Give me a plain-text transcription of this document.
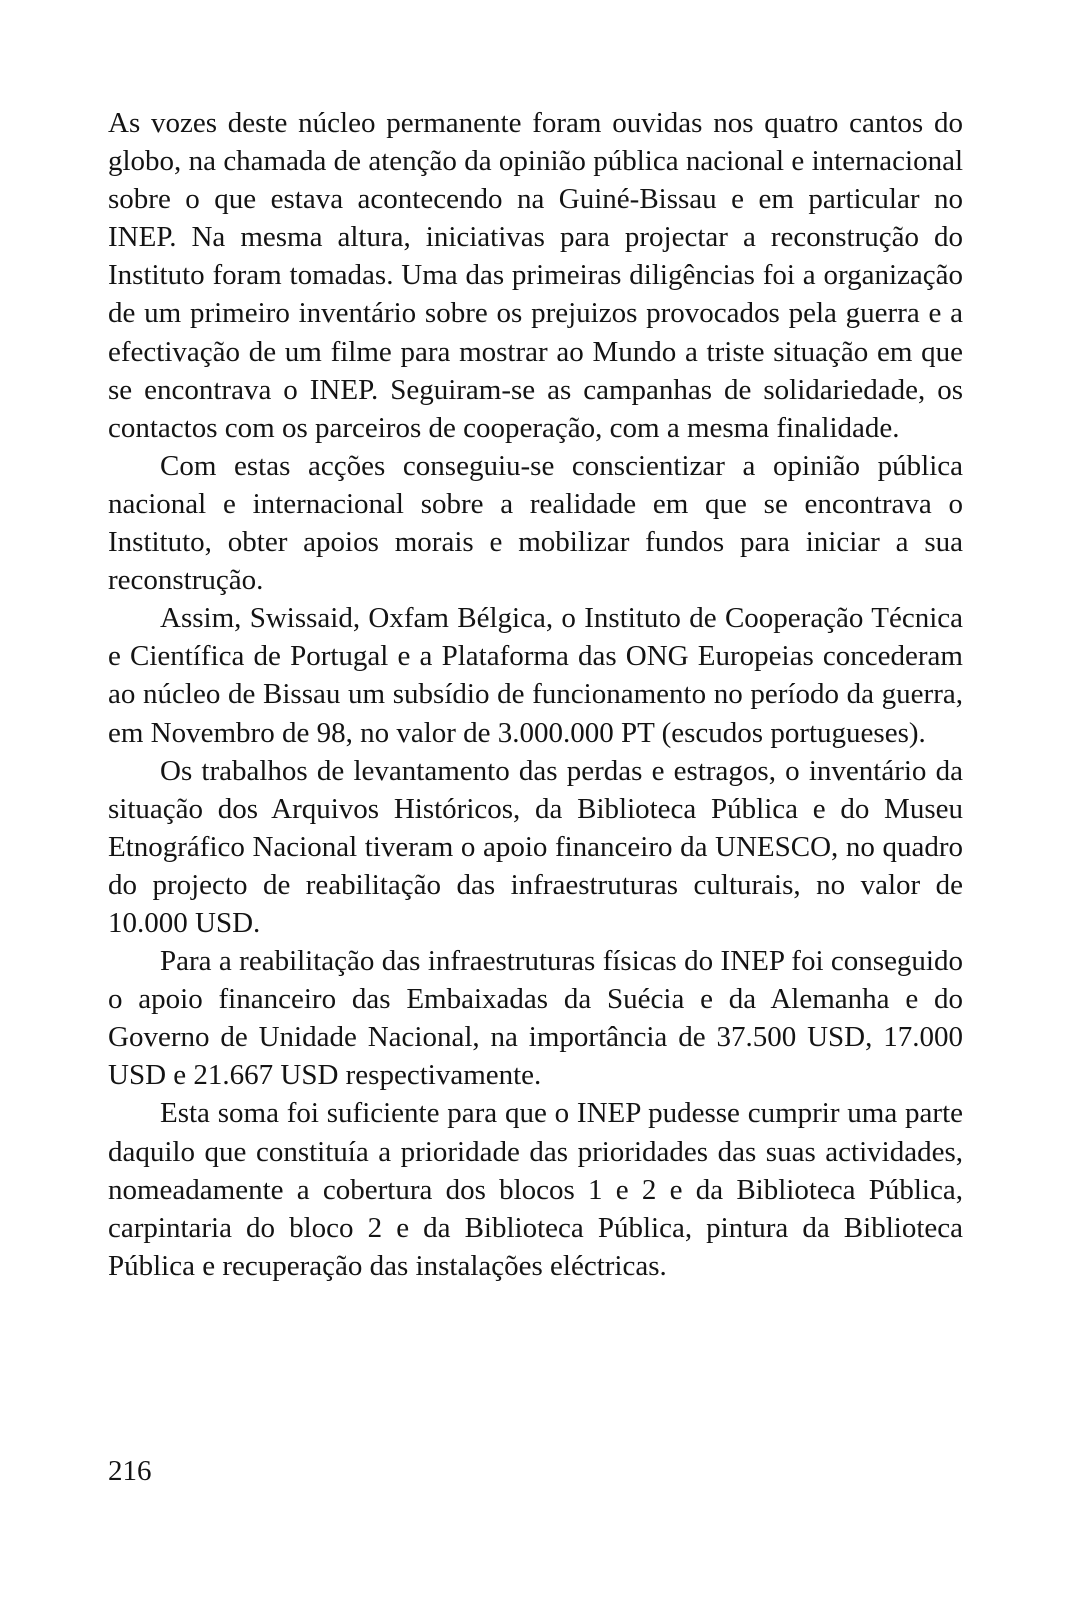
As vozes deste núcleo permanente foram ouvidas nos quatro cantos do globo, na chamada de atenção da opinião pública nacional e internacional sobre o que estava acontecendo na Guiné-Bissau e em particular no INEP. Na mesma altura, iniciativas para projectar a reconstrução do Instituto foram tomadas. Uma das primeiras diligências foi a organização de um primeiro inventário sobre os prejuizos provocados pela guerra e a efectivação de um filme para mostrar ao Mundo a triste situação em que se encontrava o INEP. Seguiram-se as campanhas de solidariedade, os contactos com os parceiros de cooperação, com a mesma finalidade.

Com estas acções conseguiu-se conscientizar a opinião pública nacional e internacional sobre a realidade em que se encontrava o Instituto, obter apoios morais e mobilizar fundos para iniciar a sua reconstrução.

Assim, Swissaid, Oxfam Bélgica, o Instituto de Cooperação Técnica e Científica de Portugal e a Plataforma das ONG Europeias concederam ao núcleo de Bissau um subsídio de funcionamento no período da guerra, em Novembro de 98, no valor de 3.000.000 PT (escudos portugueses).

Os trabalhos de levantamento das perdas e estragos, o inventário da situação dos Arquivos Históricos, da Biblioteca Pública e do Museu Etnográfico Nacional tiveram o apoio financeiro da UNESCO, no quadro do projecto de reabilitação das infraestruturas culturais, no valor de 10.000 USD.

Para a reabilitação das infraestruturas físicas do INEP foi conseguido o apoio financeiro das Embaixadas da Suécia e da Alemanha e do Governo de Unidade Nacional, na importância de 37.500 USD, 17.000 USD e 21.667 USD respectivamente.

Esta soma foi suficiente para que o INEP pudesse cumprir uma parte daquilo que constituía a prioridade das prioridades das suas actividades, nomeadamente a cobertura dos blocos 1 e 2 e da Biblioteca Pública, carpintaria do bloco 2 e da Biblioteca Pública, pintura da Biblioteca Pública e recuperação das instalações eléctricas.

216
